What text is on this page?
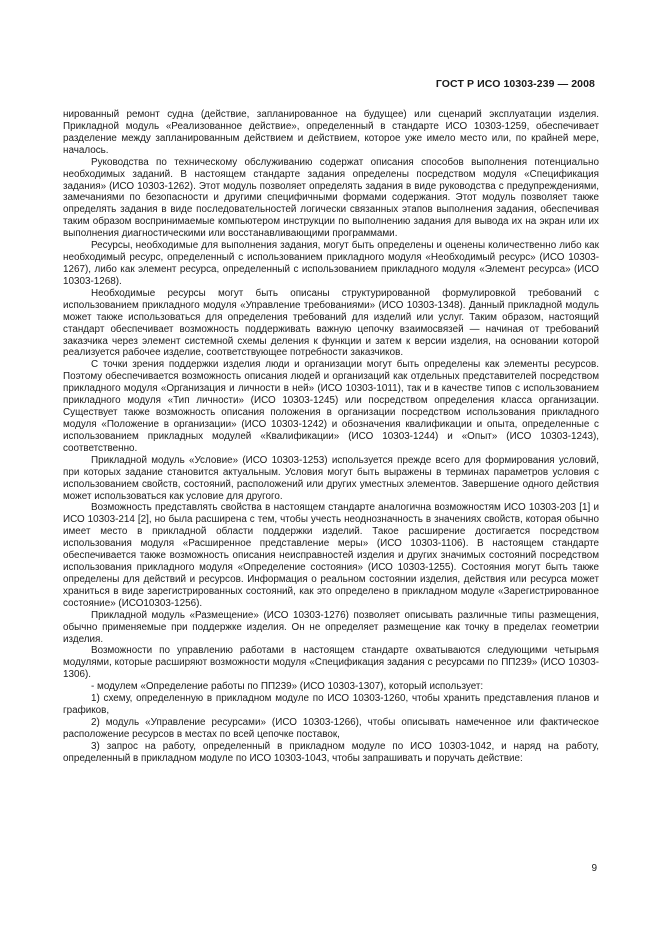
ГОСТ Р ИСО 10303-239 — 2008

нированный ремонт судна (действие, запланированное на будущее) или сценарий эксплуатации изделия. Прикладной модуль «Реализованное действие», определенный в стандарте ИСО 10303-1259, обеспечивает разделение между запланированным действием и действием, которое уже имело место или, по крайней мере, началось.

Руководства по техническому обслуживанию содержат описания способов выполнения потенциально необходимых заданий. В настоящем стандарте задания определены посредством модуля «Спецификация задания» (ИСО 10303-1262). Этот модуль позволяет определять задания в виде руководства с предупреждениями, замечаниями по безопасности и другими специфичными формами содержания. Этот модуль позволяет также определять задания в виде последовательностей логически связанных этапов выполнения задания, обеспечивая таким образом воспринимаемые компьютером инструкции по выполнению задания для вывода их на экран или их выполнения диагностическими или восстанавливающими программами.

Ресурсы, необходимые для выполнения задания, могут быть определены и оценены количественно либо как необходимый ресурс, определенный с использованием прикладного модуля «Необходимый ресурс» (ИСО 10303-1267), либо как элемент ресурса, определенный с использованием прикладного модуля «Элемент ресурса» (ИСО 10303-1268).

Необходимые ресурсы могут быть описаны структурированной формулировкой требований с использованием прикладного модуля «Управление требованиями» (ИСО 10303-1348). Данный прикладной модуль может также использоваться для определения требований для изделий или услуг. Таким образом, настоящий стандарт обеспечивает возможность поддерживать важную цепочку взаимосвязей — начиная от требований заказчика через элемент системной схемы деления к функции и затем к версии изделия, на основании которой реализуется рабочее изделие, соответствующее потребности заказчиков.

С точки зрения поддержки изделия люди и организации могут быть определены как элементы ресурсов. Поэтому обеспечивается возможность описания людей и организаций как отдельных представителей посредством прикладного модуля «Организация и личности в ней» (ИСО 10303-1011), так и в качестве типов с использованием прикладного модуля «Тип личности» (ИСО 10303-1245) или посредством определения класса организации. Существует также возможность описания положения в организации посредством использования прикладного модуля «Положение в организации» (ИСО 10303-1242) и обозначения квалификации и опыта, определенные с использованием прикладных модулей «Квалификации» (ИСО 10303-1244) и «Опыт» (ИСО 10303-1243), соответственно.

Прикладной модуль «Условие» (ИСО 10303-1253) используется прежде всего для формирования условий, при которых задание становится актуальным. Условия могут быть выражены в терминах параметров условия с использованием свойств, состояний, расположений или других уместных элементов. Завершение одного действия может использоваться как условие для другого.

Возможность представлять свойства в настоящем стандарте аналогична возможностям ИСО 10303-203 [1] и ИСО 10303-214 [2], но была расширена с тем, чтобы учесть неоднозначность в значениях свойств, которая обычно имеет место в прикладной области поддержки изделий. Такое расширение достигается посредством использования модуля «Расширенное представление меры» (ИСО 10303-1106). В настоящем стандарте обеспечивается также возможность описания неисправностей изделия и других значимых состояний посредством использования прикладного модуля «Определение состояния» (ИСО 10303-1255). Состояния могут быть также определены для действий и ресурсов. Информация о реальном состоянии изделия, действия или ресурса может храниться в виде зарегистрированных состояний, как это определено в прикладном модуле «Зарегистрированное состояние» (ИСО10303-1256).

Прикладной модуль «Размещение» (ИСО 10303-1276) позволяет описывать различные типы размещения, обычно применяемые при поддержке изделия. Он не определяет размещение как точку в пределах геометрии изделия.

Возможности по управлению работами в настоящем стандарте охватываются следующими четырьмя модулями, которые расширяют возможности модуля «Спецификация задания с ресурсами по ПП239» (ИСО 10303-1306).

- модулем «Определение работы по ПП239» (ИСО 10303-1307), который использует:

1) схему, определенную в прикладном модуле по ИСО 10303-1260, чтобы хранить представления планов и графиков,

2) модуль «Управление ресурсами» (ИСО 10303-1266), чтобы описывать намеченное или фактическое расположение ресурсов в местах по всей цепочке поставок,

3) запрос на работу, определенный в прикладном модуле по ИСО 10303-1042, и наряд на работу, определенный в прикладном модуле по ИСО 10303-1043, чтобы запрашивать и поручать действие:

9
